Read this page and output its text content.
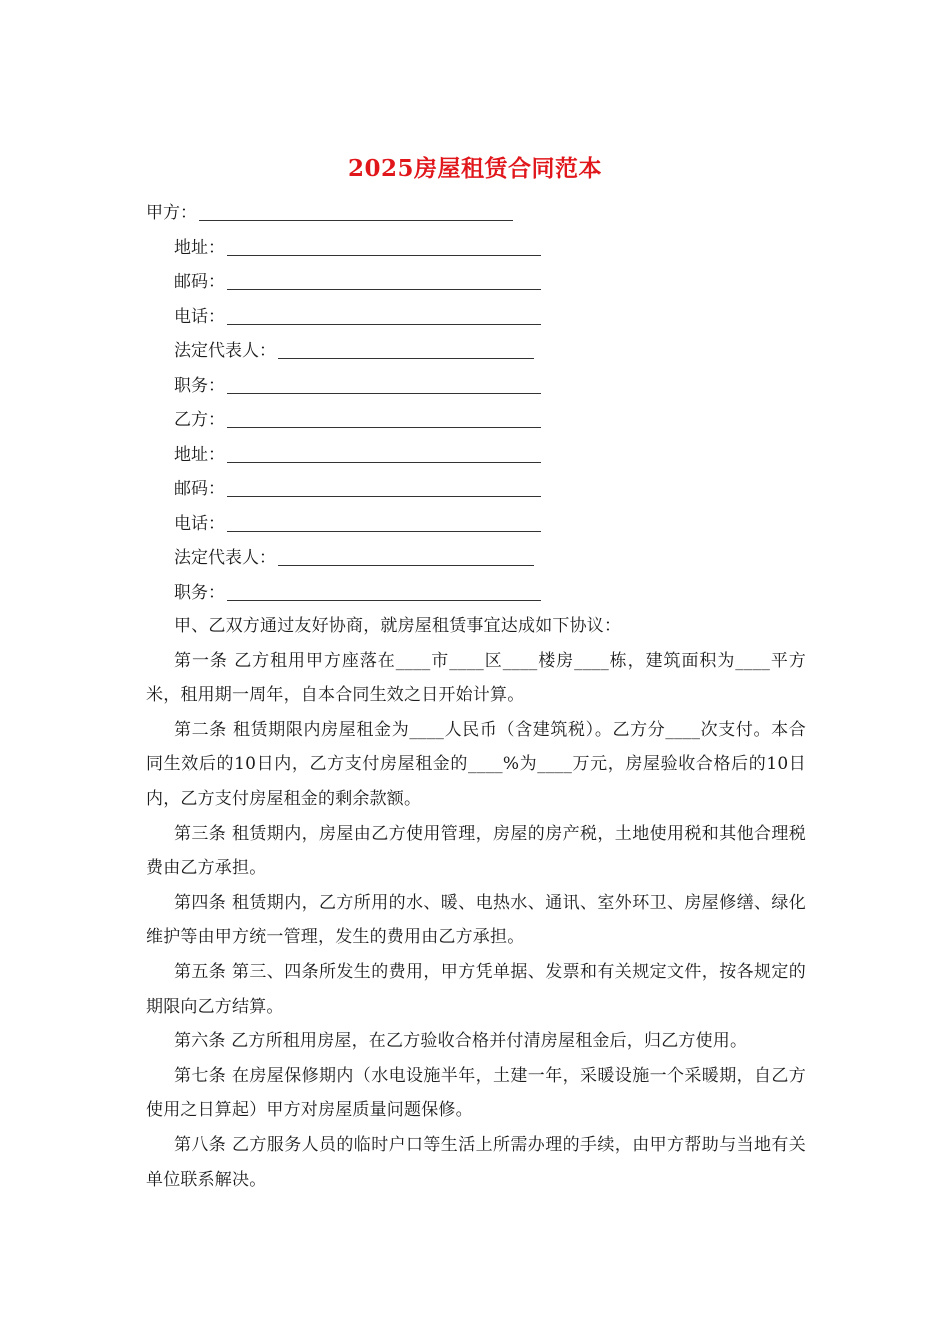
2025房屋租赁合同范本
甲方：
地址：
邮码：
电话：
法定代表人：
职务：
乙方：
地址：
邮码：
电话：
法定代表人：
职务：

甲、乙双方通过友好协商，就房屋租赁事宜达成如下协议：

第一条 乙方租用甲方座落在____市____区____楼房____栋，建筑面积为____平方米，租用期一周年，自本合同生效之日开始计算。

第二条 租赁期限内房屋租金为____人民币（含建筑税）。乙方分____次支付。本合同生效后的10日内，乙方支付房屋租金的____%为____万元，房屋验收合格后的10日内，乙方支付房屋租金的剩余款额。

第三条 租赁期内，房屋由乙方使用管理，房屋的房产税，土地使用税和其他合理税费由乙方承担。

第四条 租赁期内，乙方所用的水、暖、电热水、通讯、室外环卫、房屋修缮、绿化维护等由甲方统一管理，发生的费用由乙方承担。

第五条 第三、四条所发生的费用，甲方凭单据、发票和有关规定文件，按各规定的期限向乙方结算。

第六条 乙方所租用房屋，在乙方验收合格并付清房屋租金后，归乙方使用。

第七条 在房屋保修期内（水电设施半年，土建一年，采暖设施一个采暖期，自乙方使用之日算起）甲方对房屋质量问题保修。

第八条 乙方服务人员的临时户口等生活上所需办理的手续，由甲方帮助与当地有关单位联系解决。
